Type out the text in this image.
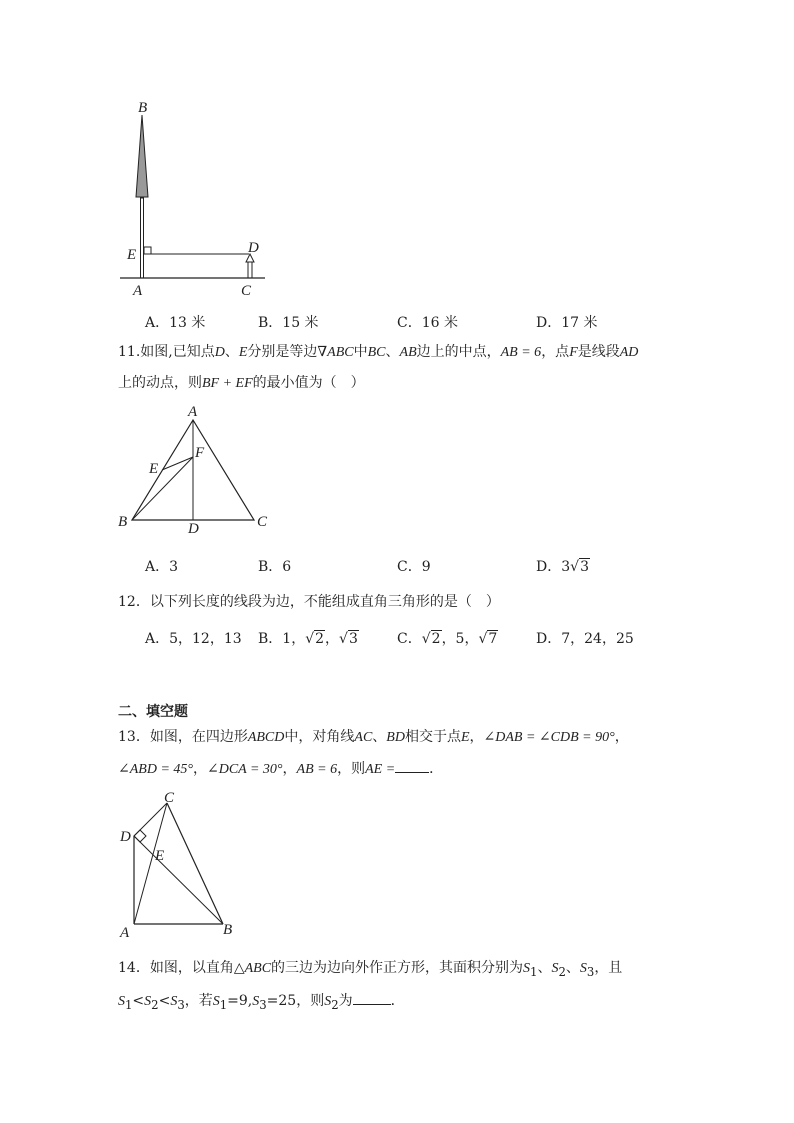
B
E	D
A	C
A．13 米	B．15 米	C．16 米	D．17 米
11.如图,已知点D、E分别是等边∇ABC中BC、AB边上的中点，AB = 6，点F是线段AD
上的动点，则BF + EF的最小值为（　）
A
F
E
B	D	C
A．3	B．6	C．9	D．3√3
12．以下列长度的线段为边，不能组成直角三角形的是（　）
A．5，12，13 B．1，√2，√3	C．√2，5，√7	D．7，24，25
二、填空题
13．如图，在四边形ABCD中，对角线AC、BD相交于点E，∠DAB = ∠CDB = 90°，
∠ABD = 45°，∠DCA = 30°，AB = 6，则AE = ．
C
D
E
A	B
14．如图，以直角△ABC的三边为边向外作正方形，其面积分别为$S_1$、$S_2$、$S_3$，且
$S_1<S_2<S_3$，若$S_1=9,S_3=25$，则$S_2$为	．
